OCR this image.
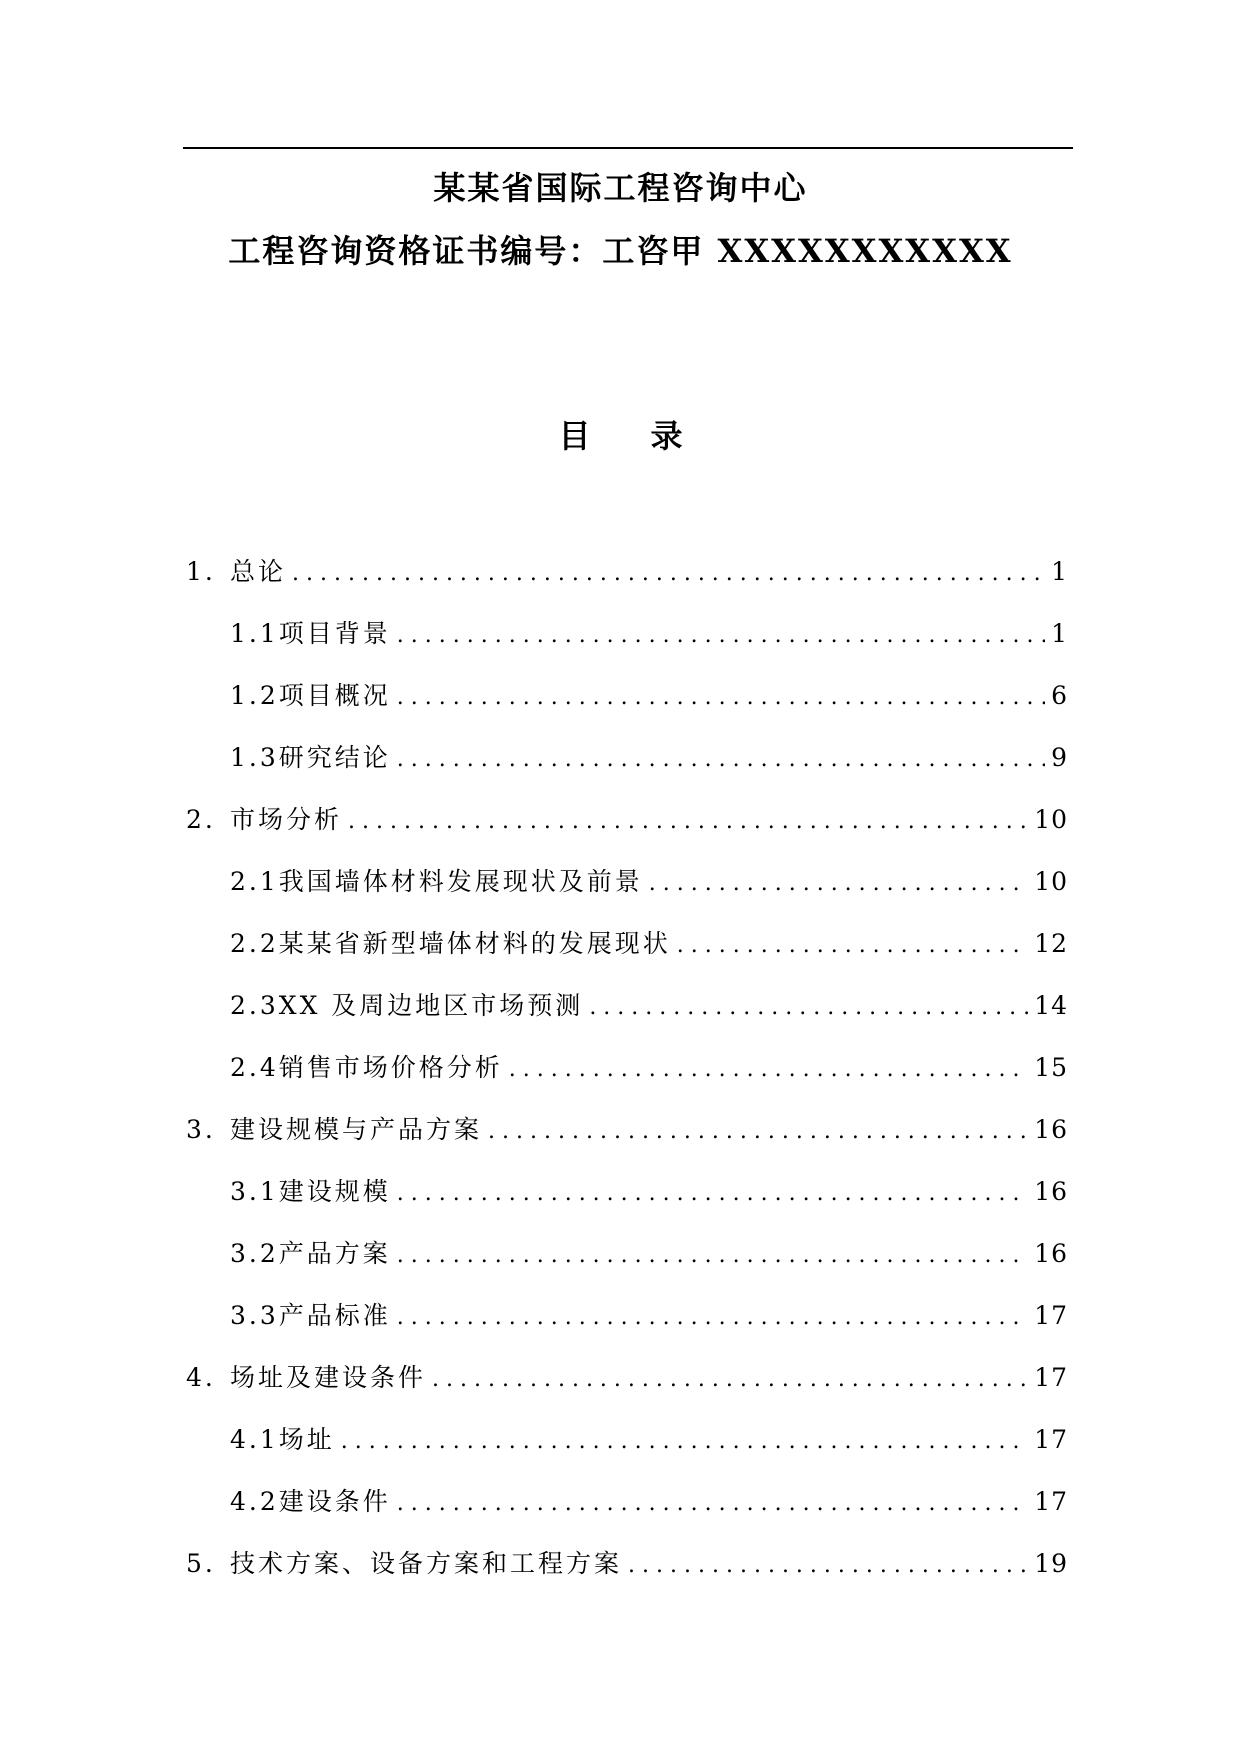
某某省国际工程咨询中心
工程咨询资格证书编号：工咨甲 XXXXXXXXXXX
目录
1. 总论 .....	1
1.1项目背景 .....	1
1.2项目概况 .....	6
1.3研究结论 .....	9
2. 市场分析 .....	10
2.1我国墙体材料发展现状及前景 .....	10
2.2某某省新型墙体材料的发展现状 .....	12
2.3XX 及周边地区市场预测 .....	14
2.4销售市场价格分析 .....	15
3. 建设规模与产品方案 .....	16
3.1建设规模 .....	16
3.2产品方案 .....	16
3.3产品标准 .....	17
4. 场址及建设条件 .....	17
4.1场址 .....	17
4.2建设条件 .....	17
5. 技术方案、设备方案和工程方案 .....	19
